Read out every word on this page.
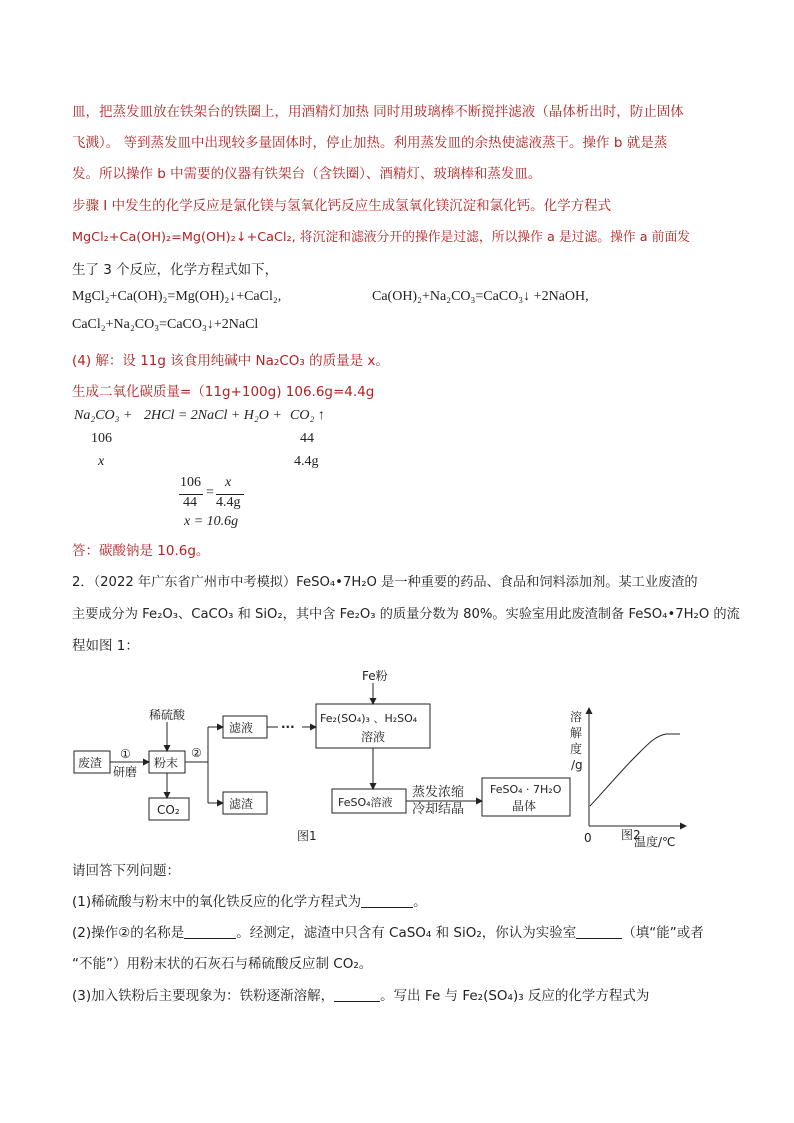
皿，把蒸发皿放在铁架台的铁圈上，用酒精灯加热 同时用玻璃棒不断搅拌滤液（晶体析出时，防止固体
飞溅）。 等到蒸发皿中出现较多量固体时，停止加热。利用蒸发皿的余热使滤液蒸干。操作 b 就是蒸
发。所以操作 b 中需要的仪器有铁架台（含铁圈）、酒精灯、玻璃棒和蒸发皿。
步骤 I 中发生的化学反应是氯化镁与氢氧化钙反应生成氢氧化镁沉淀和氯化钙。化学方程式
MgCl₂+Ca(OH)₂=Mg(OH)₂↓+CaCl₂, 将沉淀和滤液分开的操作是过滤，所以操作 a 是过滤。操作 a 前面发
生了 3 个反应，化学方程式如下，
MgCl₂+Ca(OH)₂=Mg(OH)₂↓+CaCl₂,	Ca(OH)₂+Na₂CO₃=CaCO₃↓ +2NaOH,
CaCl₂+Na₂CO₃=CaCO₃↓+2NaCl
(4) 解：设 11g 该食用纯碱中 Na₂CO₃ 的质量是 x。
生成二氧化碳质量=（11g+100g) 106.6g=4.4g
Na₂CO₃ + 2HCl = 2NaCl + H₂O + CO₂ ↑
106	44
x	4.4g
106
44
=
x
4.4g
x = 10.6g
答：碳酸钠是 10.6g。
2．（2022 年广东省广州市中考模拟）FeSO₄•7H₂O 是一种重要的药品、食品和饲料添加剂。某工业废渣的
主要成分为 Fe₂O₃、CaCO₃ 和 SiO₂，其中含 Fe₂O₃ 的质量分数为 80%。实验室用此废渣制备 FeSO₄•7H₂O 的流
程如图 1：
Fe粉
稀硫酸
滤液 ···
Fe₂(SO₄)₃ 、H₂SO₄
溶液
废渣
①
研磨
粉末
②
CO₂	滤渣	FeSO₄溶液
蒸发浓缩
冷却结晶
FeSO₄ · 7H₂O
晶体
图1
溶
解
度
/g
0	温度/℃
图2
请回答下列问题：
(1)稀硫酸与粉末中的氧化铁反应的化学方程式为	。
(2)操作②的名称是	。经测定，滤渣中只含有 CaSO₄ 和 SiO₂，你认为实验室	（填“能”或者
“不能”）用粉末状的石灰石与稀硫酸反应制 CO₂。
(3)加入铁粉后主要现象为：铁粉逐渐溶解，	。写出 Fe 与 Fe₂(SO₄)₃ 反应的化学方程式为
